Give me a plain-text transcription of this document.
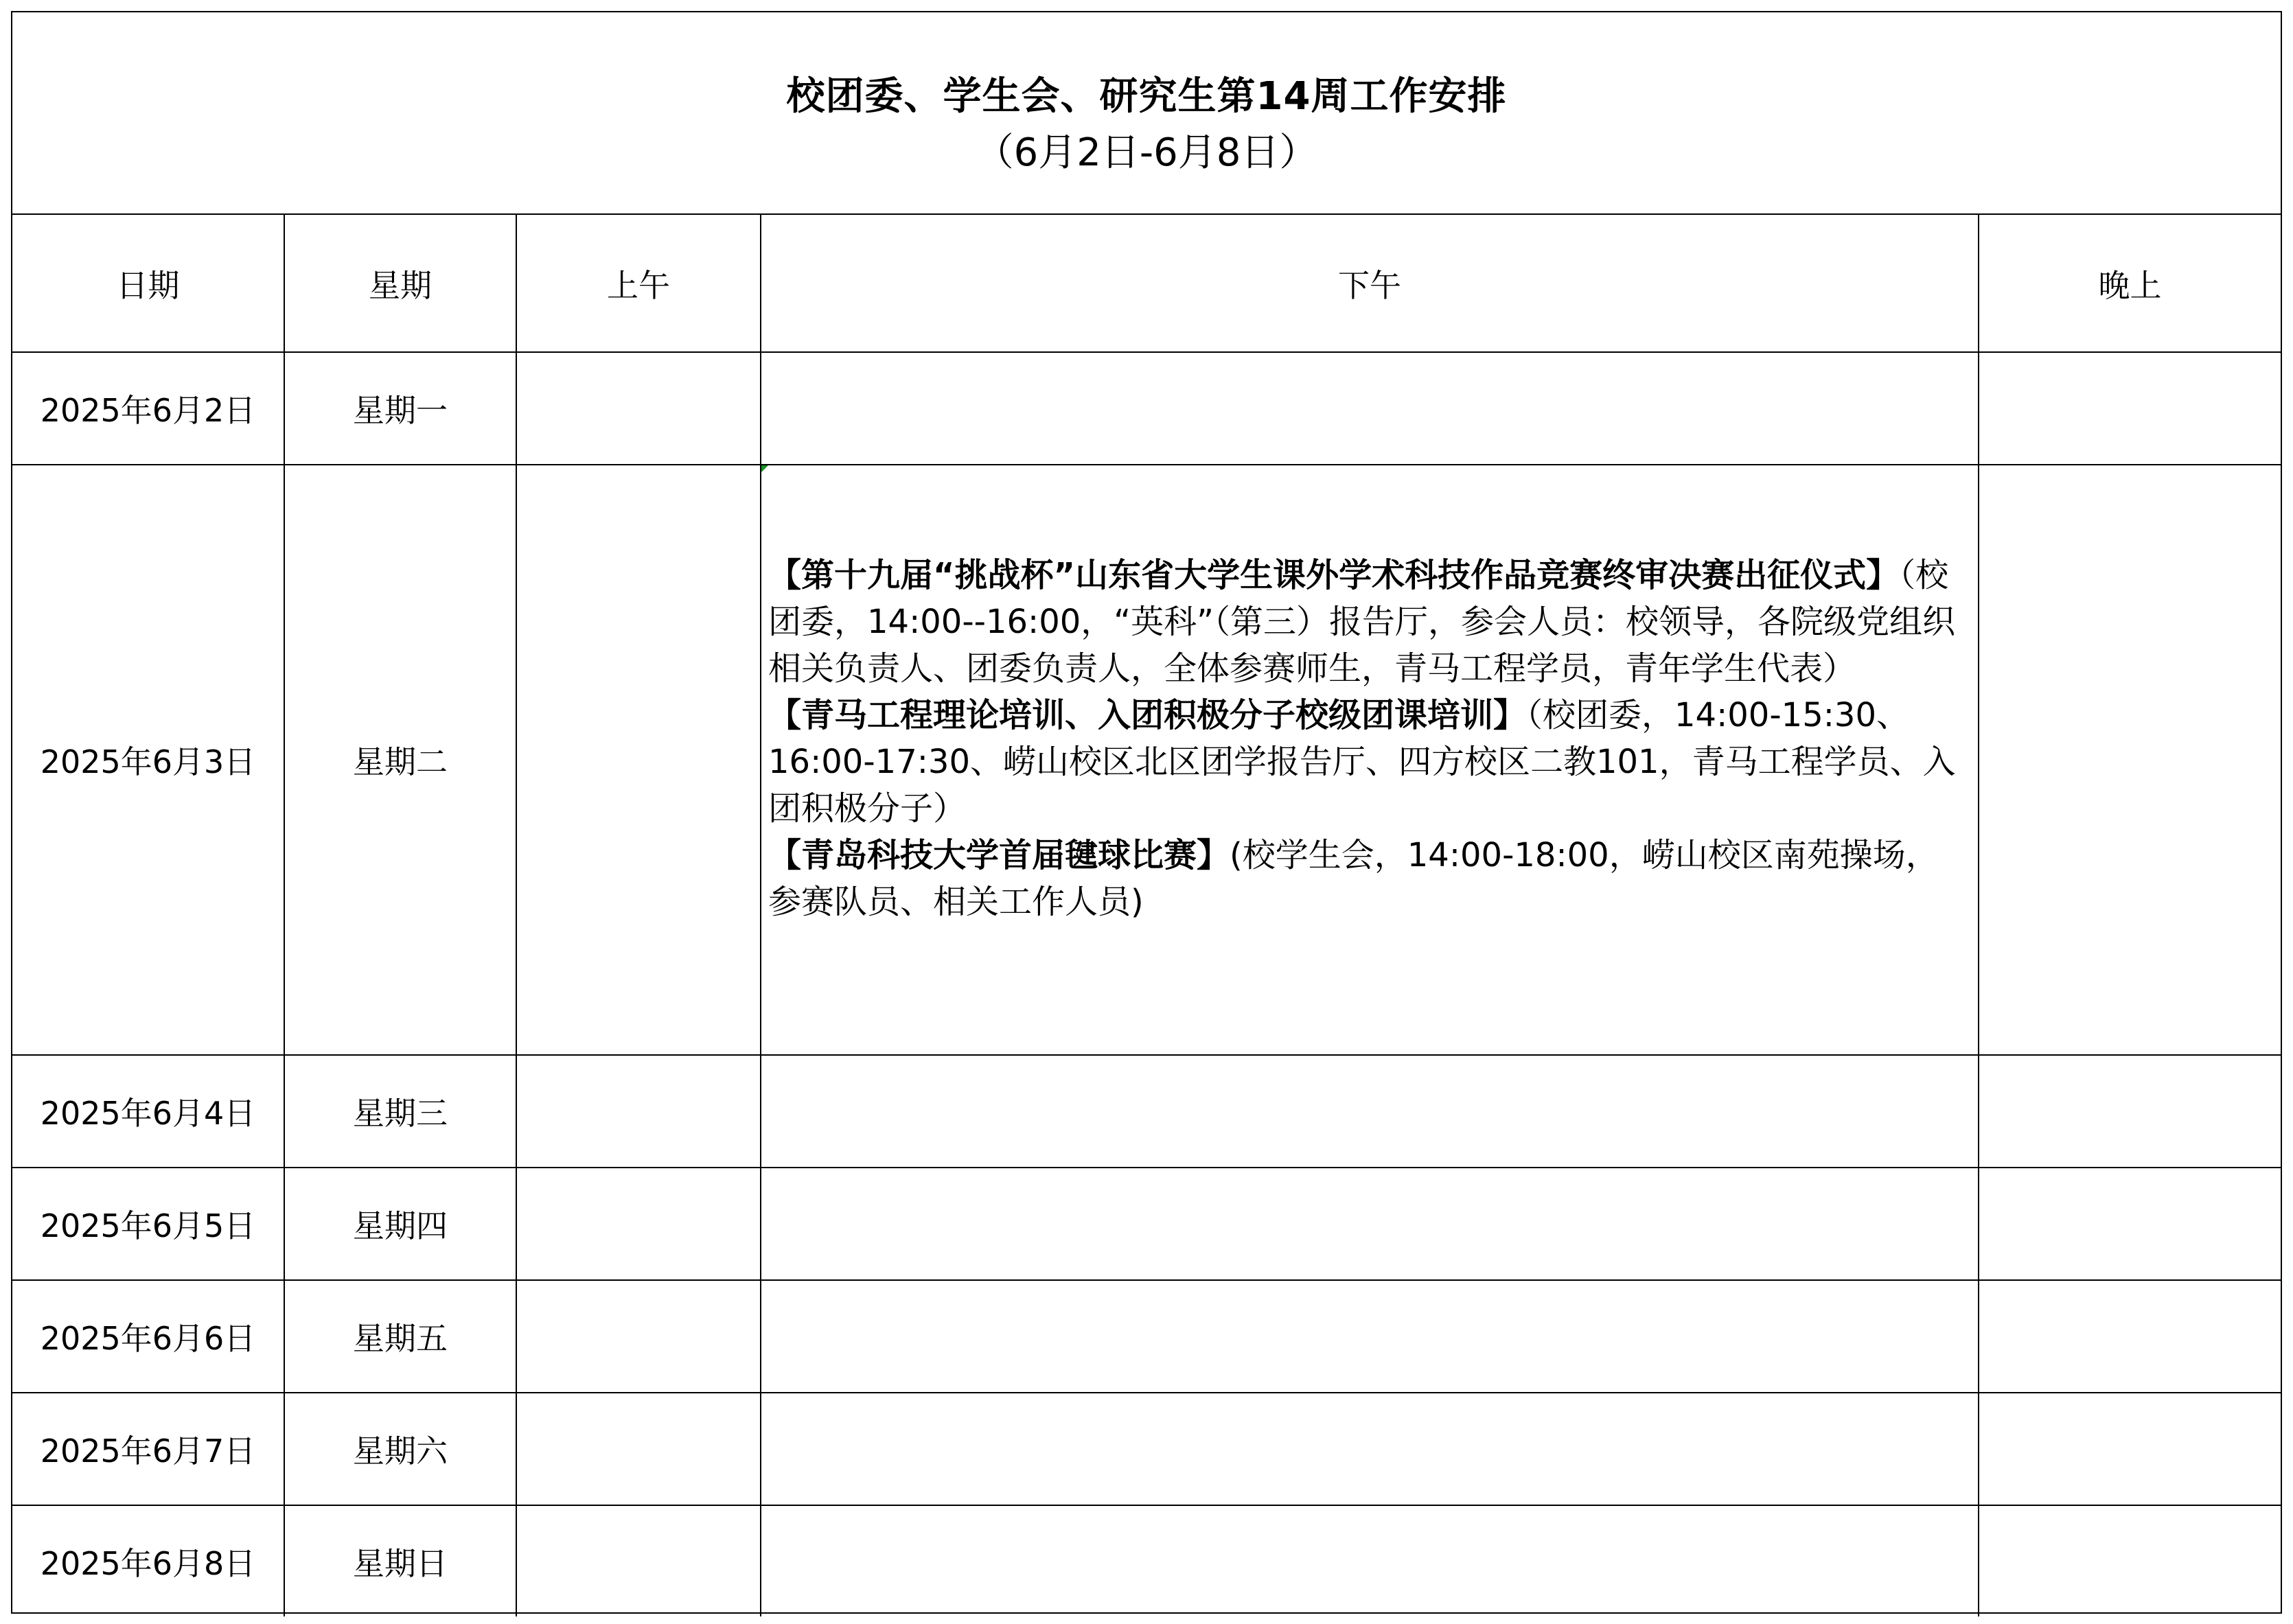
校团委、学生会、研究生第14周工作安排
（6月2日-6月8日）
日期	星期	上午	下午	晚上
2025年6月2日	星期一			
2025年6月3日	星期二		【第十九届“挑战杯”山东省大学生课外学术科技作品竞赛终审决赛出征仪式】（校团委，14:00--16:00，“英科”（第三）报告厅，参会人员：校领导，各院级党组织相关负责人、团委负责人，全体参赛师生，青马工程学员，青年学生代表）
【青马工程理论培训、入团积极分子校级团课培训】（校团委，14:00-15:30、16:00-17:30、崂山校区北区团学报告厅、四方校区二教101，青马工程学员、入团积极分子）
【青岛科技大学首届毽球比赛】(校学生会，14:00-18:00，崂山校区南苑操场，参赛队员、相关工作人员)	

2025年6月4日	星期三			
2025年6月5日	星期四			
2025年6月6日	星期五			
2025年6月7日	星期六			
2025年6月8日	星期日			
